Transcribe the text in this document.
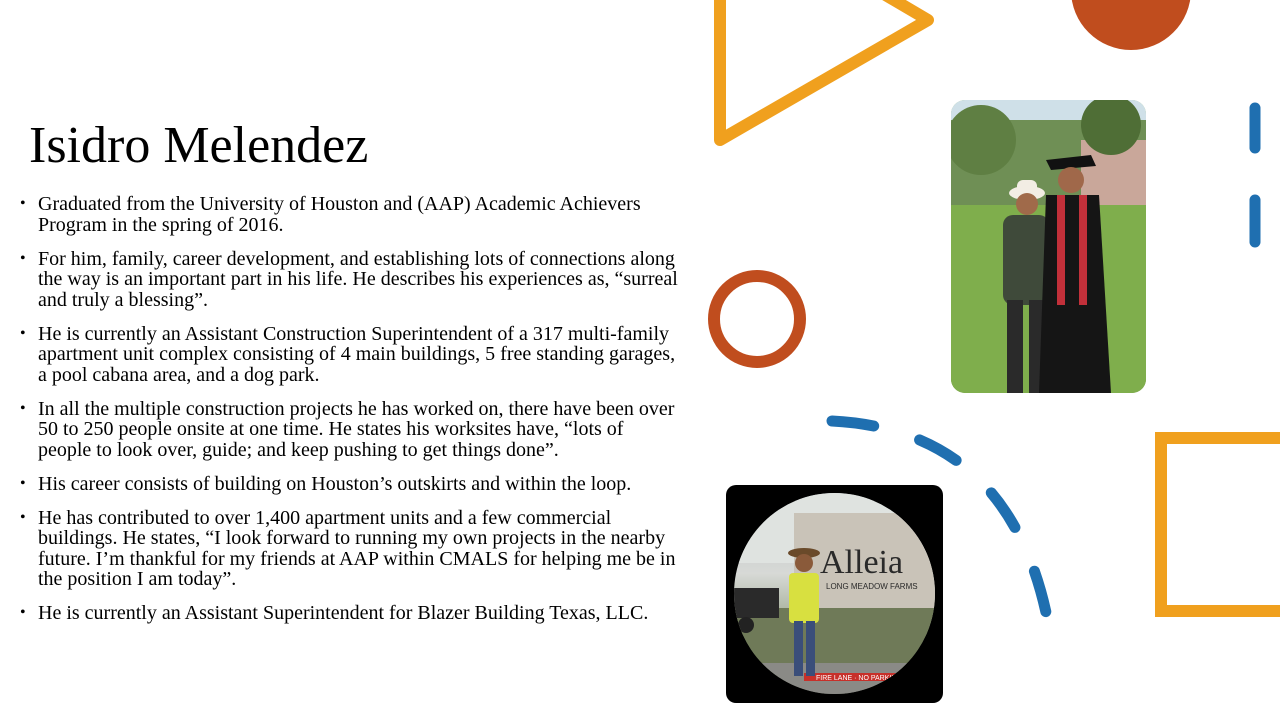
Isidro Melendez
• Graduated from the University of Houston and (AAP) Academic Achievers Program in the spring of 2016.
• For him, family, career development, and establishing lots of connections along the way is an important part in his life. He describes his experiences as, “surreal and truly a blessing”.
• He is currently an Assistant Construction Superintendent of a 317 multi-family apartment unit complex consisting of 4 main buildings, 5 free standing garages, a pool cabana area, and a dog park.
• In all the multiple construction projects he has worked on, there have been over 50 to 250 people onsite at one time. He states his worksites have, “lots of people to look over, guide; and keep pushing to get things done”.
• His career consists of building on Houston’s outskirts and within the loop.
• He has contributed to over 1,400 apartment units and a few commercial buildings. He states, “I look forward to running my own projects in the nearby future. I’m thankful for my friends at AAP within CMALS for helping me be in the position I am today”.
• He is currently an Assistant Superintendent for Blazer Building Texas, LLC.
Alleia
LONG MEADOW FARMS
FIRE LANE · NO PARKING
